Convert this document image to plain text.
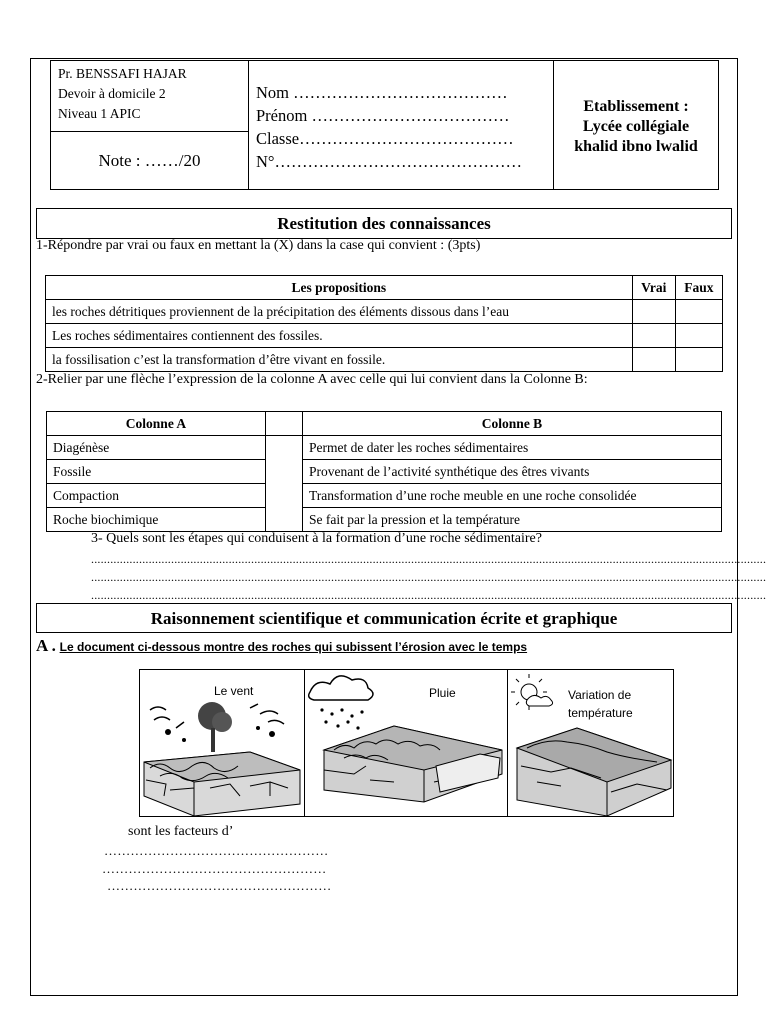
Pr. BENSSAFI HAJAR
Devoir à domicile 2
Niveau 1 APIC
Note : ……/20
Nom …………………………………
Prénom ………………………………
Classe…………………………………
N°………………………………………
Etablissement :
Lycée collégiale
khalid ibno lwalid
Restitution des connaissances
1-Répondre par vrai ou faux en mettant la (X) dans la case qui convient : (3pts)
Les propositions	Vrai	Faux
les roches détritiques proviennent de la précipitation des éléments dissous dans l’eau		
Les roches sédimentaires contiennent des fossiles.		
la fossilisation c’est la transformation d’être vivant en fossile.		
2-Relier par une flèche l’expression de la colonne A avec celle qui lui convient dans la Colonne B:
Colonne A		Colonne B
Diagénèse		Permet de dater les roches sédimentaires
Fossile		Provenant de l’activité synthétique des êtres vivants
Compaction		Transformation d’une roche meuble en une roche consolidée
Roche biochimique		Se fait par la pression et la température
3- Quels sont les étapes qui conduisent à la formation d’une roche sédimentaire?
...................................................................................................................................................................................................................
...................................................................................................................................................................................................................
...................................................................................................................................................................................................................
Raisonnement scientifique et communication écrite et graphique
A . Le document ci-dessous montre des roches qui subissent l’érosion avec le temps
Le vent	Pluie	Variation de
température
sont les facteurs d’
……………………………………………
……………………………………………
……………………………………………
